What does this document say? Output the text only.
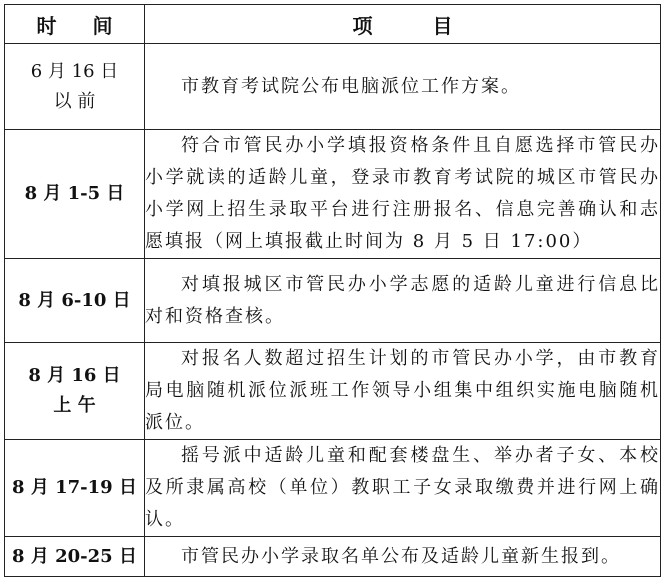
时 间	项 目

6 月 16 日
以 前	市教育考试院公布电脑派位工作方案。

8 月 1-5 日	符合市管民办小学填报资格条件且自愿选择市管民办小学就读的适龄儿童，登录市教育考试院的城区市管民办小学网上招生录取平台进行注册报名、信息完善确认和志愿填报（网上填报截止时间为 8 月 5 日 17:00）

8 月 6-10 日	对填报城区市管民办小学志愿的适龄儿童进行信息比对和资格查核。

8 月 16 日
上 午	对报名人数超过招生计划的市管民办小学，由市教育局电脑随机派位派班工作领导小组集中组织实施电脑随机派位。

8 月 17-19 日	摇号派中适龄儿童和配套楼盘生、举办者子女、本校及所隶属高校（单位）教职工子女录取缴费并进行网上确认。

8 月 20-25 日	市管民办小学录取名单公布及适龄儿童新生报到。
